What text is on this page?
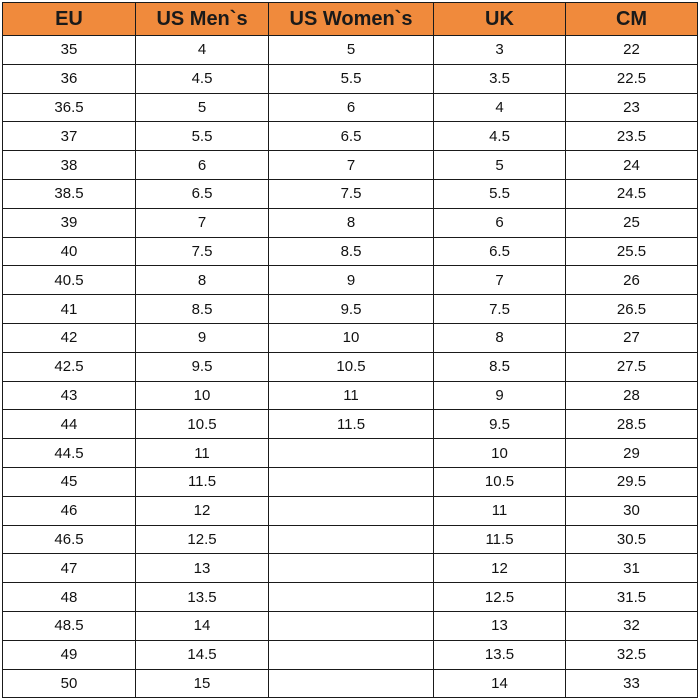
EU	US Men`s	US Women`s	UK	CM
35	4	5	3	22
36	4.5	5.5	3.5	22.5
36.5	5	6	4	23
37	5.5	6.5	4.5	23.5
38	6	7	5	24
38.5	6.5	7.5	5.5	24.5
39	7	8	6	25
40	7.5	8.5	6.5	25.5
40.5	8	9	7	26
41	8.5	9.5	7.5	26.5
42	9	10	8	27
42.5	9.5	10.5	8.5	27.5
43	10	11	9	28
44	10.5	11.5	9.5	28.5
44.5	11		10	29
45	11.5		10.5	29.5
46	12		11	30
46.5	12.5		11.5	30.5
47	13		12	31
48	13.5		12.5	31.5
48.5	14		13	32
49	14.5		13.5	32.5
50	15		14	33
